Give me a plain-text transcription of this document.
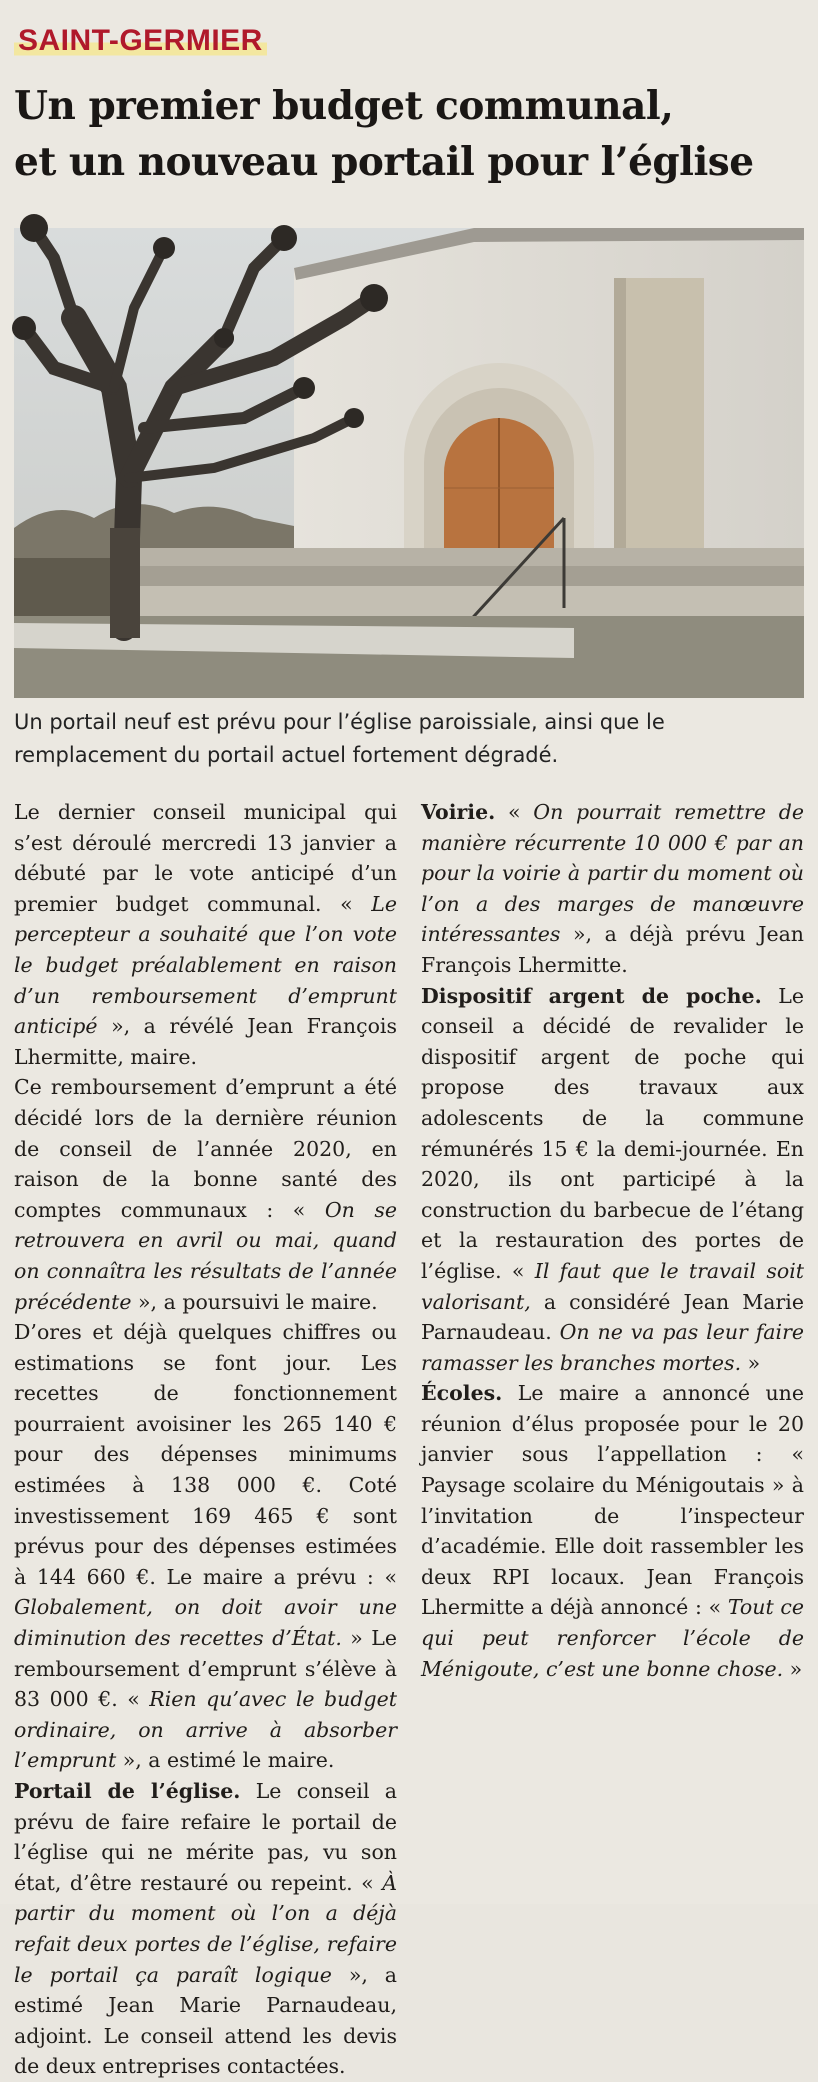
SAINT-GERMIER
Un premier budget communal,
et un nouveau portail pour l’église
Un portail neuf est prévu pour l’église paroissiale, ainsi que le remplacement du portail actuel fortement dégradé.

Le dernier conseil municipal qui s’est déroulé mercredi 13 janvier a débuté par le vote anticipé d’un premier budget communal. « Le percepteur a souhaité que l’on vote le budget préalablement en raison d’un remboursement d’emprunt anticipé », a révélé Jean François Lhermitte, maire.

Ce remboursement d’emprunt a été décidé lors de la dernière réunion de conseil de l’année 2020, en raison de la bonne santé des comptes communaux : « On se retrouvera en avril ou mai, quand on connaîtra les résultats de l’année précédente », a poursuivi le maire.

D’ores et déjà quelques chiffres ou estimations se font jour. Les recettes de fonctionnement pourraient avoisiner les 265 140 € pour des dépenses minimums estimées à 138 000 €. Coté investissement 169 465 € sont prévus pour des dépenses estimées à 144 660 €. Le maire a prévu : « Globalement, on doit avoir une diminution des recettes d’État. » Le remboursement d’emprunt s’élève à 83 000 €. « Rien qu’avec le budget ordinaire, on arrive à absorber l’emprunt », a estimé le maire.

Portail de l’église. Le conseil a prévu de faire refaire le portail de l’église qui ne mérite pas, vu son état, d’être restauré ou repeint. « À partir du moment où l’on a déjà refait deux portes de l’église, refaire le portail ça paraît logique », a estimé Jean Marie Parnaudeau, adjoint. Le conseil attend les devis de deux entreprises contactées.

Voirie. « On pourrait remettre de manière récurrente 10 000 € par an pour la voirie à partir du moment où l’on a des marges de manœuvre intéressantes », a déjà prévu Jean François Lhermitte.

Dispositif argent de poche. Le conseil a décidé de revalider le dispositif argent de poche qui propose des travaux aux adolescents de la commune rémunérés 15 € la demi-journée. En 2020, ils ont participé à la construction du barbecue de l’étang et la restauration des portes de l’église. « Il faut que le travail soit valorisant, a considéré Jean Marie Parnaudeau. On ne va pas leur faire ramasser les branches mortes. »

Écoles. Le maire a annoncé une réunion d’élus proposée pour le 20 janvier sous l’appellation : « Paysage scolaire du Ménigoutais » à l’invitation de l’inspecteur d’académie. Elle doit rassembler les deux RPI locaux. Jean François Lhermitte a déjà annoncé : « Tout ce qui peut renforcer l’école de Ménigoute, c’est une bonne chose. »
